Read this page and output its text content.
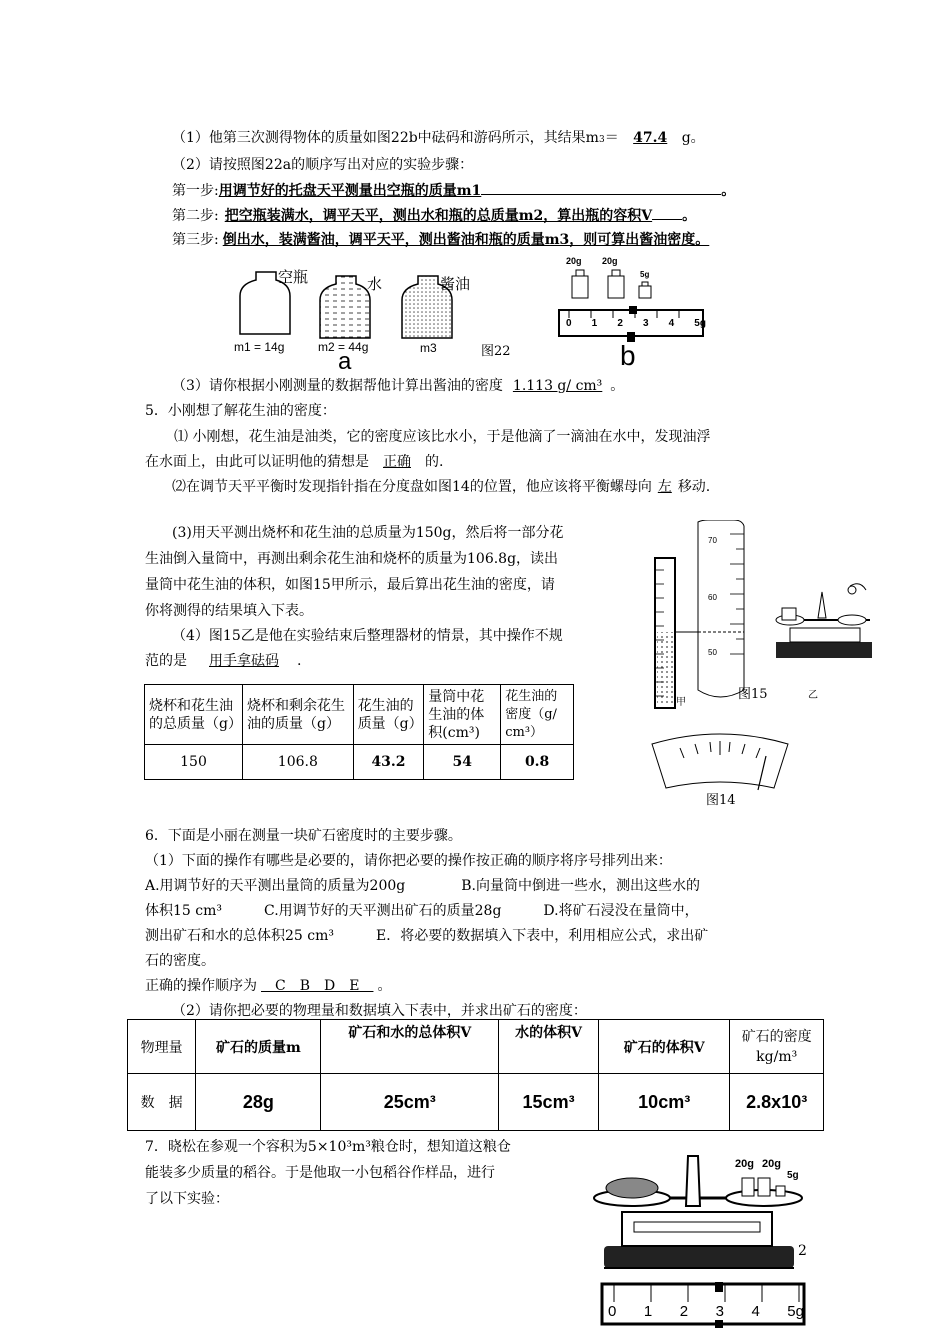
（1）他第三次测得物体的质量如图22b中砝码和游码所示，其结果m3＝ 47.4 g。
（2）请按照图22a的顺序写出对应的实验步骤：
第一步:用调节好的托盘天平测量出空瓶的质量m1	。
第二步: 把空瓶装满水，调平天平，测出水和瓶的总质量m2，算出瓶的容积V 。
第三步: 倒出水，装满酱油，调平天平，测出酱油和瓶的质量m3，则可算出酱油密度。
空瓶	水	酱油
m1 = 14g	m2 = 44g	m3
a	图22
20g 20g
5g
0 1 2 3 4 5g
b
（3）请你根据小刚测量的数据帮他计算出酱油的密度 1.113 g/ cm³ 。
5．小刚想了解花生油的密度：
⑴ 小刚想，花生油是油类，它的密度应该比水小，于是他滴了一滴油在水中，发现油浮
在水面上，由此可以证明他的猜想是 正确 的.
⑵在调节天平平衡时发现指针指在分度盘如图14的位置，他应该将平衡螺母向 左 移动.
(3)用天平测出烧杯和花生油的总质量为150g，然后将一部分花
生油倒入量筒中，再测出剩余花生油和烧杯的质量为106.8g，读出
量筒中花生油的体积，如图15甲所示，最后算出花生油的密度，请
你将测得的结果填入下表。
（4）图15乙是他在实验结束后整理器材的情景，其中操作不规
范的是 用手拿砝码 .
烧杯和花生油的总质量（g）	烧杯和剩余花生油的质量（g）	花生油的质量（g）	量筒中花生油的体积(cm³)	花生油的密度（g/ cm³）
150	106.8	43.2	54	0.8
70
60
50
甲
图15	乙
图14
6．下面是小丽在测量一块矿石密度时的主要步骤。
（1）下面的操作有哪些是必要的，请你把必要的操作按正确的顺序将序号排列出来：
A.用调节好的天平测出量筒的质量为200g　　　　B.向量筒中倒进一些水，测出这些水的
体积15 cm³　　　C.用调节好的天平测出矿石的质量28g　　　D.将矿石浸没在量筒中，
测出矿石和水的总体积25 cm³　　　E．将必要的数据填入下表中，利用相应公式，求出矿
石的密度。
正确的操作顺序为　C　B　D　E　。
（2）请你把必要的物理量和数据填入下表中，并求出矿石的密度：
物理量	矿石的质量m	矿石和水的总体积V	水的体积V	矿石的体积V	矿石的密度kg/m³
数　据	28g	25cm³	15cm³	10cm³	2.8x10³
7．晓松在参观一个容积为5×10³m³粮仓时，想知道这粮仓
能装多少质量的稻谷。于是他取一小包稻谷作样品，进行
了以下实验：
20g 20g
5g
2
0 1 2 3 4 5g
